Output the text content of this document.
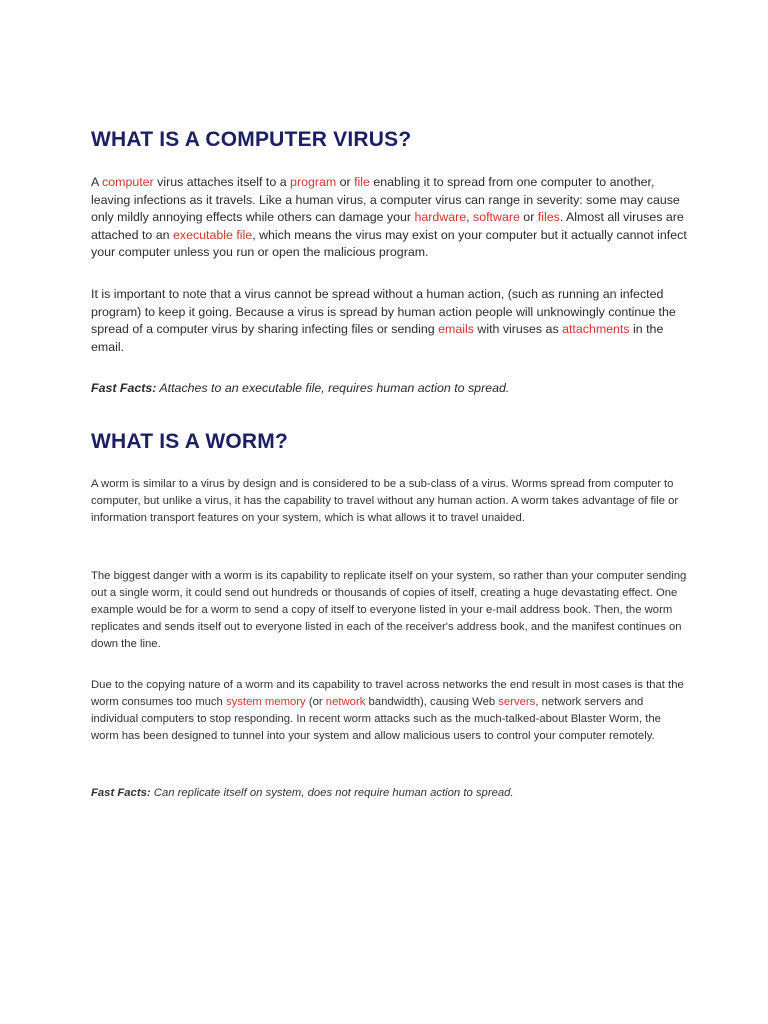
WHAT IS A COMPUTER VIRUS?

A computer virus attaches itself to a program or file enabling it to spread from one computer to another, leaving infections as it travels. Like a human virus, a computer virus can range in severity: some may cause only mildly annoying effects while others can damage your hardware, software or files. Almost all viruses are attached to an executable file, which means the virus may exist on your computer but it actually cannot infect your computer unless you run or open the malicious program.

It is important to note that a virus cannot be spread without a human action, (such as running an infected program) to keep it going. Because a virus is spread by human action people will unknowingly continue the spread of a computer virus by sharing infecting files or sending emails with viruses as attachments in the email.

Fast Facts: Attaches to an executable file, requires human action to spread.

WHAT IS A WORM?

A worm is similar to a virus by design and is considered to be a sub-class of a virus. Worms spread from computer to computer, but unlike a virus, it has the capability to travel without any human action. A worm takes advantage of file or information transport features on your system, which is what allows it to travel unaided.

The biggest danger with a worm is its capability to replicate itself on your system, so rather than your computer sending out a single worm, it could send out hundreds or thousands of copies of itself, creating a huge devastating effect. One example would be for a worm to send a copy of itself to everyone listed in your e-mail address book. Then, the worm replicates and sends itself out to everyone listed in each of the receiver's address book, and the manifest continues on down the line.

Due to the copying nature of a worm and its capability to travel across networks the end result in most cases is that the worm consumes too much system memory (or network bandwidth), causing Web servers, network servers and individual computers to stop responding. In recent worm attacks such as the much-talked-about Blaster Worm, the worm has been designed to tunnel into your system and allow malicious users to control your computer remotely.

Fast Facts: Can replicate itself on system, does not require human action to spread.
